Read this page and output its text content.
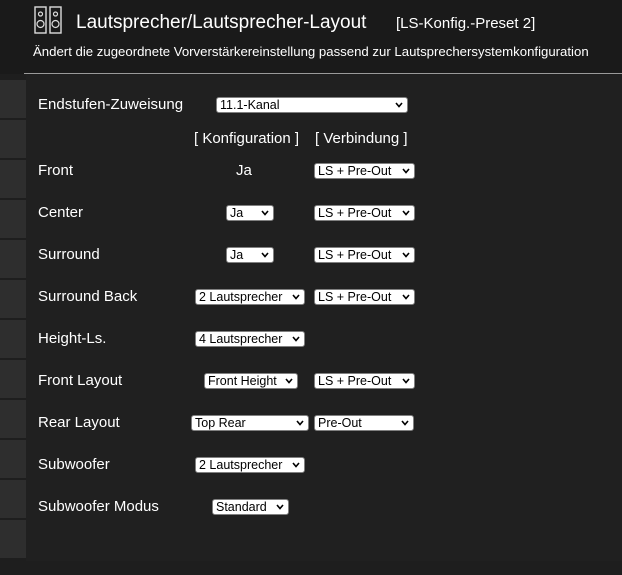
Lautsprecher/Lautsprecher-Layout [LS-Konfig.-Preset 2]
Ändert die zugeordnete Vorverstärkereinstellung passend zur Lautsprechersystemkonfiguration
Endstufen-Zuweisung	11.1-Kanal
[ Konfiguration ] [ Verbindung ]
Front	Ja	LS + Pre-Out
Center	Ja	LS + Pre-Out
Surround	Ja	LS + Pre-Out
Surround Back	2 Lautsprecher	LS + Pre-Out
Height-Ls.	4 Lautsprecher
Front Layout	Front Height	LS + Pre-Out
Rear Layout	Top Rear	Pre-Out
Subwoofer	2 Lautsprecher
Subwoofer Modus	Standard
